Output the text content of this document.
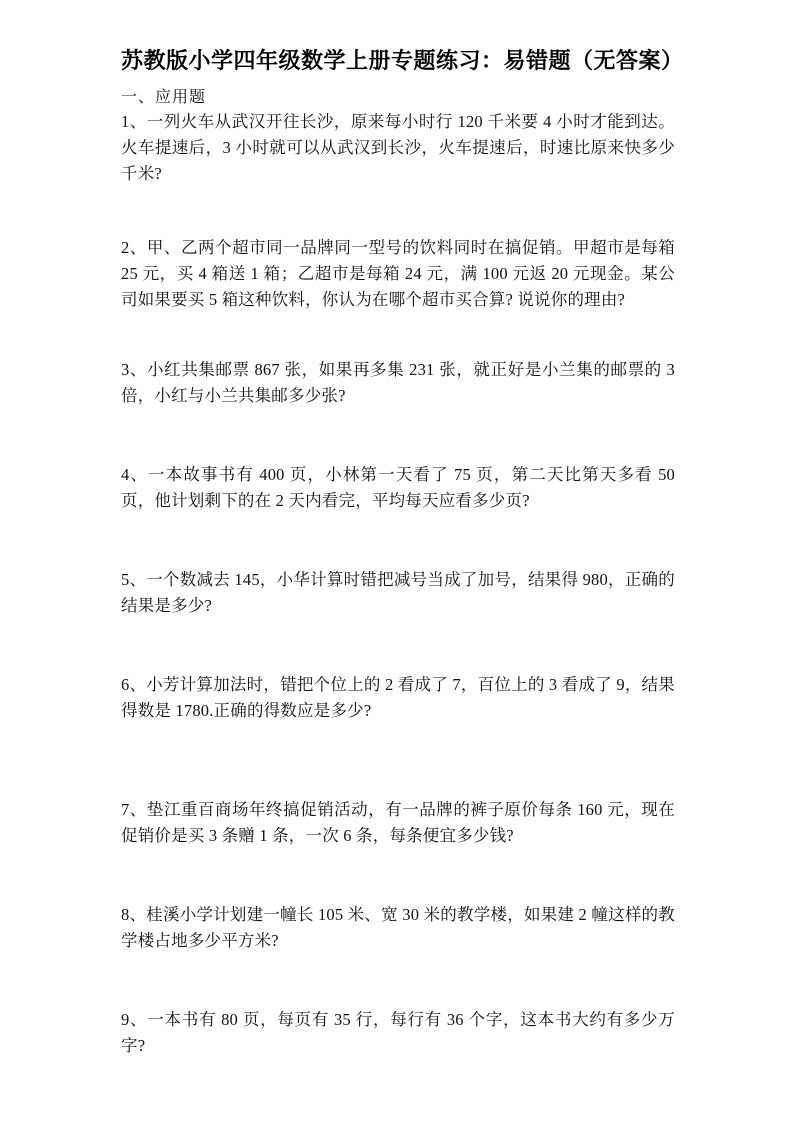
苏教版小学四年级数学上册专题练习：易错题（无答案）

一、应用题

1、一列火车从武汉开往长沙，原来每小时行 120 千米要 4 小时才能到达。火车提速后，3 小时就可以从武汉到长沙，火车提速后，时速比原来快多少千米?

2、甲、乙两个超市同一品牌同一型号的饮料同时在搞促销。甲超市是每箱 25 元，买 4 箱送 1 箱；乙超市是每箱 24 元，满 100 元返 20 元现金。某公司如果要买 5 箱这种饮料，你认为在哪个超市买合算? 说说你的理由?

3、小红共集邮票 867 张，如果再多集 231 张，就正好是小兰集的邮票的 3 倍，小红与小兰共集邮多少张?

4、一本故事书有 400 页，小林第一天看了 75 页，第二天比第天多看 50 页，他计划剩下的在 2 天内看完，平均每天应看多少页?

5、一个数减去 145，小华计算时错把减号当成了加号，结果得 980，正确的结果是多少?

6、小芳计算加法时，错把个位上的 2 看成了 7，百位上的 3 看成了 9，结果得数是 1780.正确的得数应是多少?

7、垫江重百商场年终搞促销活动，有一品牌的裤子原价每条 160 元，现在促销价是买 3 条赠 1 条，一次 6 条，每条便宜多少钱?

8、桂溪小学计划建一幢长 105 米、宽 30 米的教学楼，如果建 2 幢这样的教学楼占地多少平方米?

9、一本书有 80 页，每页有 35 行，每行有 36 个字，这本书大约有多少万字?
